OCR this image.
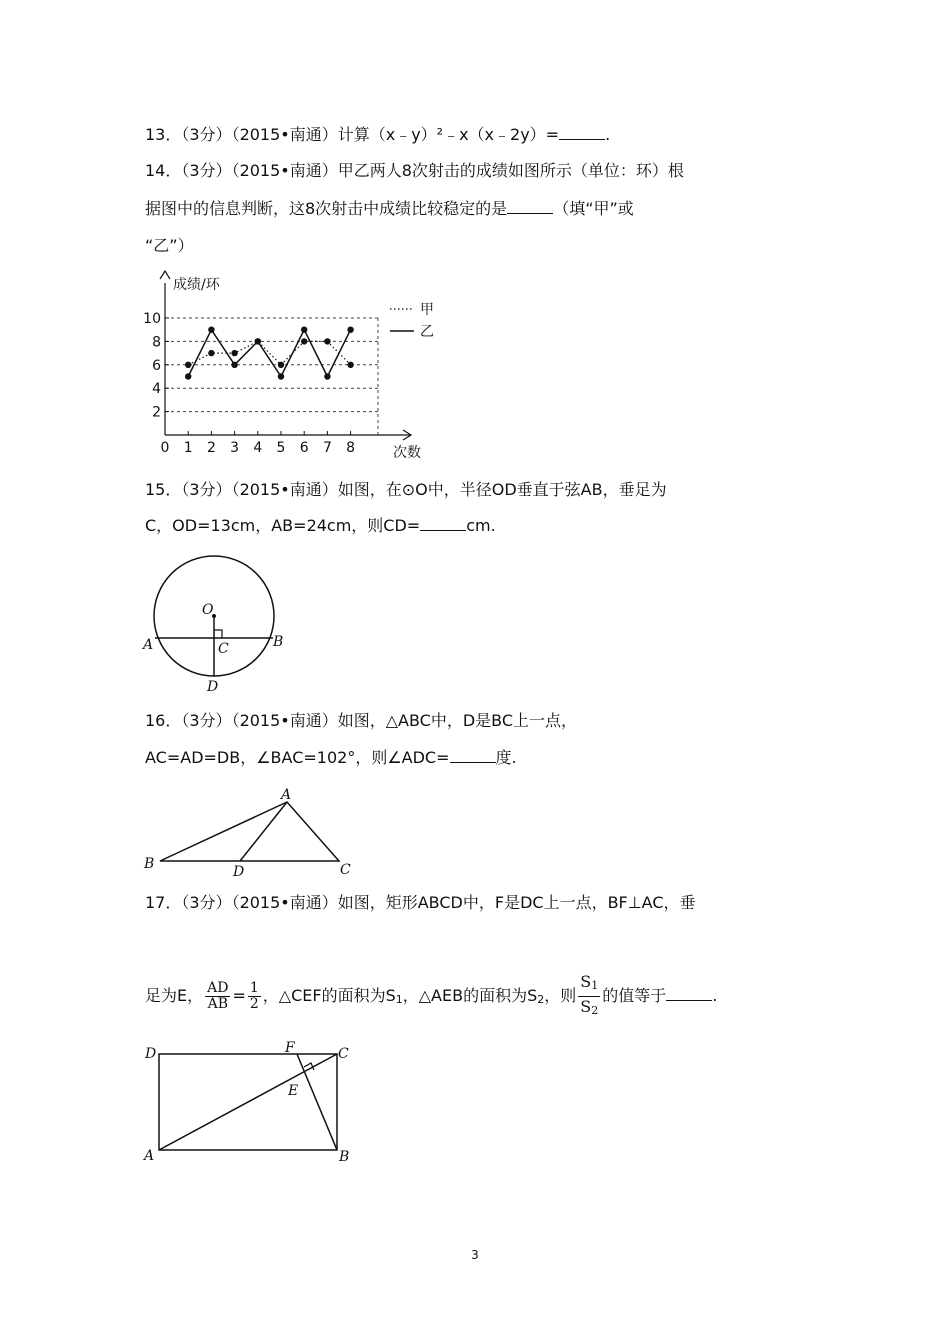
13．（3分）（2015•南通）计算（x﹣y）²﹣x（x﹣2y）=	.
14．（3分）（2015•南通）甲乙两人8次射击的成绩如图所示（单位：环）根
据图中的信息判断，这8次射击中成绩比较稳定的是	（填“甲”或
“乙”）
2
4
6
8
10
0 1 2 3 4 5 6 7 8
成绩/环
次数
甲
乙
15．（3分）（2015•南通）如图，在⊙O中，半径OD垂直于弦AB，垂足为
C，OD=13cm，AB=24cm，则CD=	cm.
O
A	B
C
D
16．（3分）（2015•南通）如图，△ABC中，D是BC上一点，
AC=AD=DB，∠BAC=102°，则∠ADC=	度.
A
B	C
D
17．（3分）（2015•南通）如图，矩形ABCD中，F是DC上一点，BF⊥AC，垂
足为E， $\frac{AD}{AB} = \frac{1}{2}$ ，△CEF的面积为S1，△AEB的面积为S2，则 $\frac{S1}{S2}$ 的值等于	.
D	C
F
E
A	B
3
